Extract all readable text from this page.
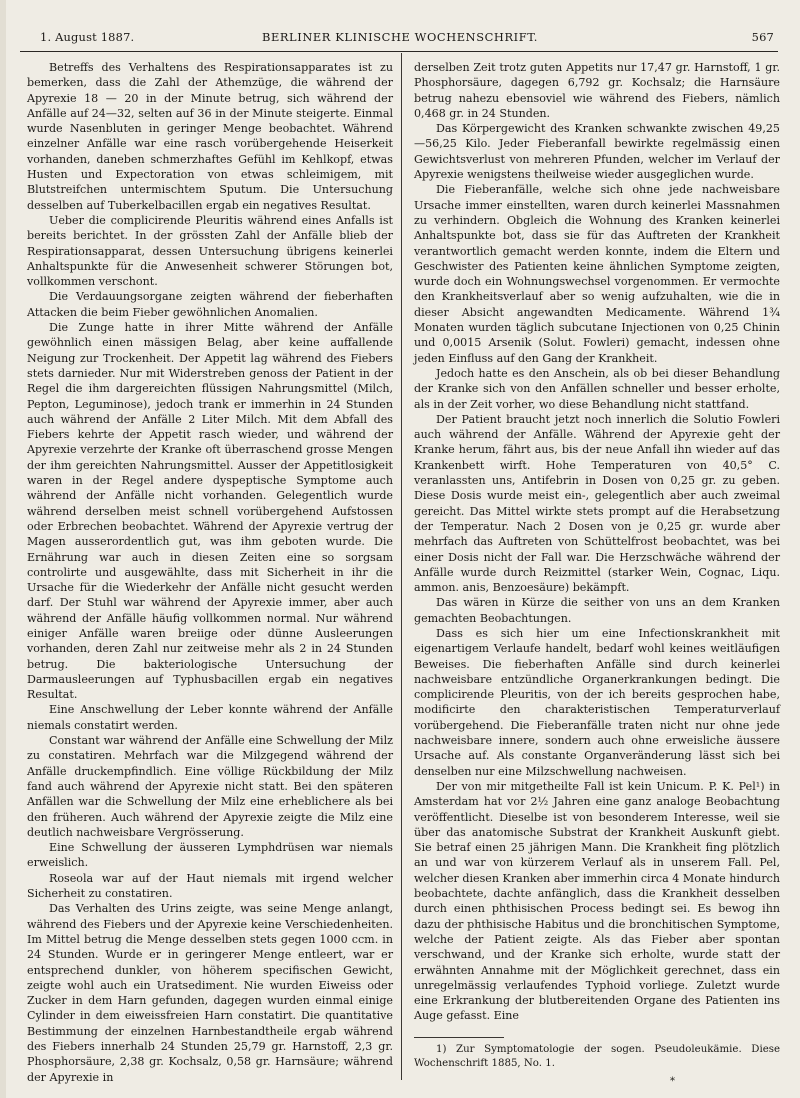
1. August 1887.	BERLINER KLINISCHE WOCHENSCHRIFT.	567

Betreffs des Verhaltens des Respirationsapparates ist zu bemerken, dass die Zahl der Athemzüge, die während der Apyrexie 18 — 20 in der Minute betrug, sich während der Anfälle auf 24—32, selten auf 36 in der Minute steigerte. Einmal wurde Nasenbluten in geringer Menge beobachtet. Während einzelner Anfälle war eine rasch vorübergehende Heiserkeit vorhanden, daneben schmerzhaftes Gefühl im Kehlkopf, etwas Husten und Expectoration von etwas schleimigem, mit Blutstreifchen untermischtem Sputum. Die Untersuchung desselben auf Tuberkelbacillen ergab ein negatives Resultat.

Ueber die complicirende Pleuritis während eines Anfalls ist bereits berichtet. In der grössten Zahl der Anfälle blieb der Respirationsapparat, dessen Untersuchung übrigens keinerlei Anhaltspunkte für die Anwesenheit schwerer Störungen bot, vollkommen verschont.

Die Verdauungsorgane zeigten während der fieberhaften Attacken die beim Fieber gewöhnlichen Anomalien.

Die Zunge hatte in ihrer Mitte während der Anfälle gewöhnlich einen mässigen Belag, aber keine auffallende Neigung zur Trockenheit. Der Appetit lag während des Fiebers stets darnieder. Nur mit Widerstreben genoss der Patient in der Regel die ihm dargereichten flüssigen Nahrungsmittel (Milch, Pepton, Leguminose), jedoch trank er immerhin in 24 Stunden auch während der Anfälle 2 Liter Milch. Mit dem Abfall des Fiebers kehrte der Appetit rasch wieder, und während der Apyrexie verzehrte der Kranke oft überraschend grosse Mengen der ihm gereichten Nahrungsmittel. Ausser der Appetitlosigkeit waren in der Regel andere dyspeptische Symptome auch während der Anfälle nicht vorhanden. Gelegentlich wurde während derselben meist schnell vorübergehend Aufstossen oder Erbrechen beobachtet. Während der Apyrexie vertrug der Magen ausserordentlich gut, was ihm geboten wurde. Die Ernährung war auch in diesen Zeiten eine so sorgsam controlirte und ausgewählte, dass mit Sicherheit in ihr die Ursache für die Wiederkehr der Anfälle nicht gesucht werden darf. Der Stuhl war während der Apyrexie immer, aber auch während der Anfälle häufig vollkommen normal. Nur während einiger Anfälle waren breiige oder dünne Ausleerungen vorhanden, deren Zahl nur zeitweise mehr als 2 in 24 Stunden betrug. Die bakteriologische Untersuchung der Darmausleerungen auf Typhusbacillen ergab ein negatives Resultat.

Eine Anschwellung der Leber konnte während der Anfälle niemals constatirt werden.

Constant war während der Anfälle eine Schwellung der Milz zu constatiren. Mehrfach war die Milzgegend während der Anfälle druckempfindlich. Eine völlige Rückbildung der Milz fand auch während der Apyrexie nicht statt. Bei den späteren Anfällen war die Schwellung der Milz eine erheblichere als bei den früheren. Auch während der Apyrexie zeigte die Milz eine deutlich nachweisbare Vergrösserung.

Eine Schwellung der äusseren Lymphdrüsen war niemals erweislich.

Roseola war auf der Haut niemals mit irgend welcher Sicherheit zu constatiren.

Das Verhalten des Urins zeigte, was seine Menge anlangt, während des Fiebers und der Apyrexie keine Verschiedenheiten. Im Mittel betrug die Menge desselben stets gegen 1000 ccm. in 24 Stunden. Wurde er in geringerer Menge entleert, war er entsprechend dunkler, von höherem specifischen Gewicht, zeigte wohl auch ein Uratsediment. Nie wurden Eiweiss oder Zucker in dem Harn gefunden, dagegen wurden einmal einige Cylinder in dem eiweissfreien Harn constatirt. Die quantitative Bestimmung der einzelnen Harnbestandtheile ergab während des Fiebers innerhalb 24 Stunden 25,79 gr. Harnstoff, 2,3 gr. Phosphorsäure, 2,38 gr. Kochsalz, 0,58 gr. Harnsäure; während der Apyrexie in

derselben Zeit trotz guten Appetits nur 17,47 gr. Harnstoff, 1 gr. Phosphorsäure, dagegen 6,792 gr. Kochsalz; die Harnsäure betrug nahezu ebensoviel wie während des Fiebers, nämlich 0,468 gr. in 24 Stunden.

Das Körpergewicht des Kranken schwankte zwischen 49,25—56,25 Kilo. Jeder Fieberanfall bewirkte regelmässig einen Gewichtsverlust von mehreren Pfunden, welcher im Verlauf der Apyrexie wenigstens theilweise wieder ausgeglichen wurde.

Die Fieberanfälle, welche sich ohne jede nachweisbare Ursache immer einstellten, waren durch keinerlei Massnahmen zu verhindern. Obgleich die Wohnung des Kranken keinerlei Anhaltspunkte bot, dass sie für das Auftreten der Krankheit verantwortlich gemacht werden konnte, indem die Eltern und Geschwister des Patienten keine ähnlichen Symptome zeigten, wurde doch ein Wohnungswechsel vorgenommen. Er vermochte den Krankheitsverlauf aber so wenig aufzuhalten, wie die in dieser Absicht angewandten Medicamente. Während 1¾ Monaten wurden täglich subcutane Injectionen von 0,25 Chinin und 0,0015 Arsenik (Solut. Fowleri) gemacht, indessen ohne jeden Einfluss auf den Gang der Krankheit.

Jedoch hatte es den Anschein, als ob bei dieser Behandlung der Kranke sich von den Anfällen schneller und besser erholte, als in der Zeit vorher, wo diese Behandlung nicht stattfand.

Der Patient braucht jetzt noch innerlich die Solutio Fowleri auch während der Anfälle. Während der Apyrexie geht der Kranke herum, fährt aus, bis der neue Anfall ihn wieder auf das Krankenbett wirft. Hohe Temperaturen von 40,5° C. veranlassten uns, Antifebrin in Dosen von 0,25 gr. zu geben. Diese Dosis wurde meist ein-, gelegentlich aber auch zweimal gereicht. Das Mittel wirkte stets prompt auf die Herabsetzung der Temperatur. Nach 2 Dosen von je 0,25 gr. wurde aber mehrfach das Auftreten von Schüttelfrost beobachtet, was bei einer Dosis nicht der Fall war. Die Herzschwäche während der Anfälle wurde durch Reizmittel (starker Wein, Cognac, Liqu. ammon. anis, Benzoesäure) bekämpft.

Das wären in Kürze die seither von uns an dem Kranken gemachten Beobachtungen.

Dass es sich hier um eine Infectionskrankheit mit eigenartigem Verlaufe handelt, bedarf wohl keines weitläufigen Beweises. Die fieberhaften Anfälle sind durch keinerlei nachweisbare entzündliche Organerkrankungen bedingt. Die complicirende Pleuritis, von der ich bereits gesprochen habe, modificirte den charakteristischen Temperaturverlauf vorübergehend. Die Fieberanfälle traten nicht nur ohne jede nachweisbare innere, sondern auch ohne erweisliche äussere Ursache auf. Als constante Organveränderung lässt sich bei denselben nur eine Milzschwellung nachweisen.

Der von mir mitgetheilte Fall ist kein Unicum. P. K. Pel¹) in Amsterdam hat vor 2½ Jahren eine ganz analoge Beobachtung veröffentlicht. Dieselbe ist von besonderem Interesse, weil sie über das anatomische Substrat der Krankheit Auskunft giebt. Sie betraf einen 25 jährigen Mann. Die Krankheit fing plötzlich an und war von kürzerem Verlauf als in unserem Fall. Pel, welcher diesen Kranken aber immerhin circa 4 Monate hindurch beobachtete, dachte anfänglich, dass die Krankheit desselben durch einen phthisischen Process bedingt sei. Es bewog ihn dazu der phthisische Habitus und die bronchitischen Symptome, welche der Patient zeigte. Als das Fieber aber spontan verschwand, und der Kranke sich erholte, wurde statt der erwähnten Annahme mit der Möglichkeit gerechnet, dass ein unregelmässig verlaufendes Typhoid vorliege. Zuletzt wurde eine Erkrankung der blutbereitenden Organe des Patienten ins Auge gefasst. Eine

1) Zur Symptomatologie der sogen. Pseudoleukämie. Diese Wochenschrift 1885, No. 1.
*
